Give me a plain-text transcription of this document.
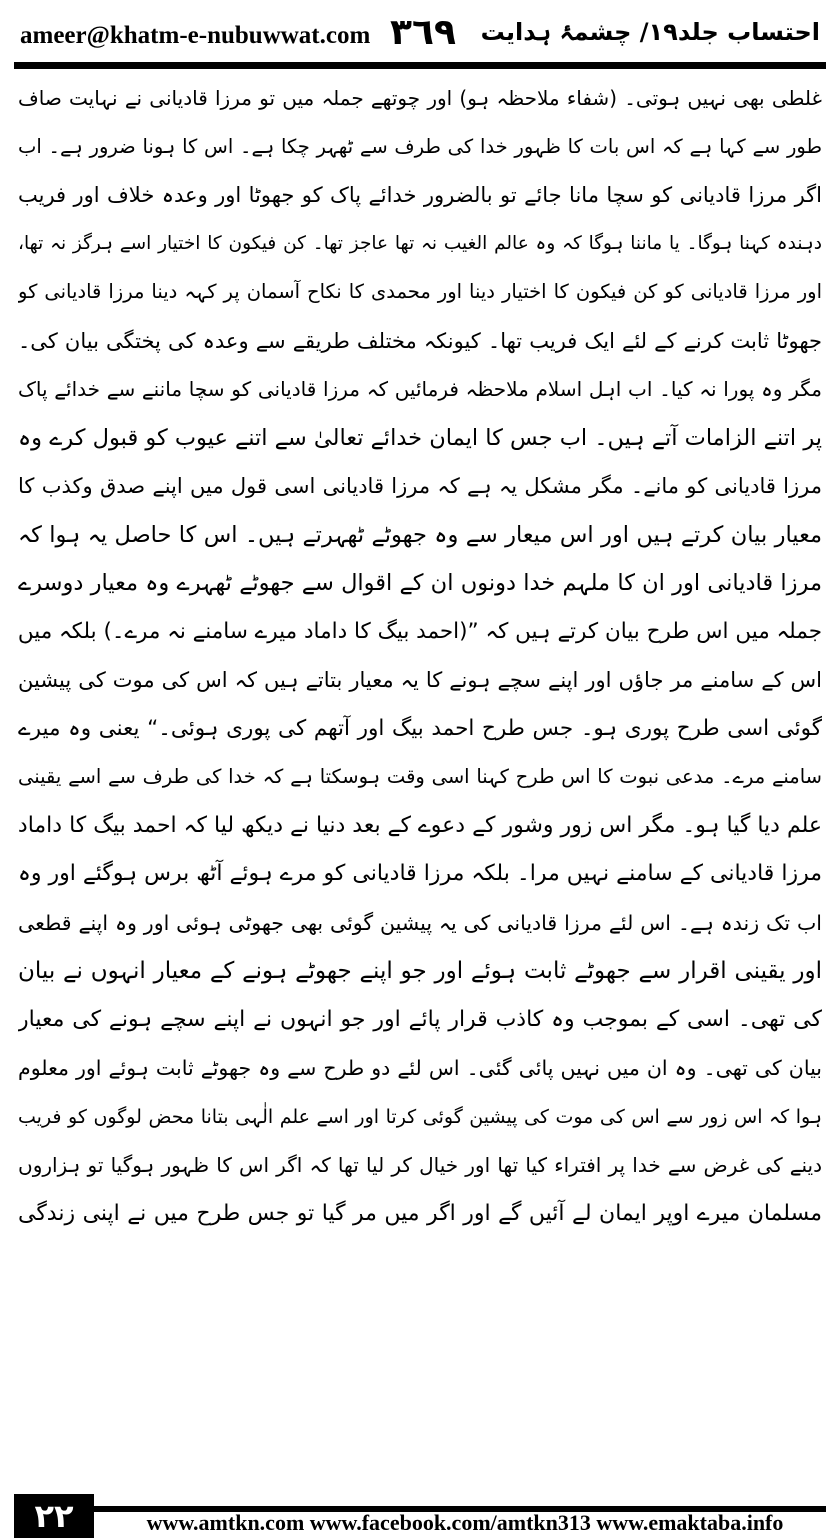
ameer@khatm-e-nubuwwat.com ٣٦٩ احتساب جلد۱۹/ چشمۂ ہدایت
غلطی بھی نہیں ہوتی۔ (شفاء ملاحظہ ہو) اور چوتھے جملہ میں تو مرزا قادیانی نے نہایت صاف
طور سے کہا ہے کہ اس بات کا ظہور خدا کی طرف سے ٹھہر چکا ہے۔ اس کا ہونا ضرور ہے۔ اب
اگر مرزا قادیانی کو سچا مانا جائے تو بالضرور خدائے پاک کو جھوٹا اور وعدہ خلاف اور فریب
دہندہ کہنا ہوگا۔ یا ماننا ہوگا کہ وہ عالم الغیب نہ تھا عاجز تھا۔ کن فیکون کا اختیار اسے ہرگز نہ تھا،
اور مرزا قادیانی کو کن فیکون کا اختیار دینا اور محمدی کا نکاح آسمان پر کہہ دینا مرزا قادیانی کو
جھوٹا ثابت کرنے کے لئے ایک فریب تھا۔ کیونکہ مختلف طریقے سے وعدہ کی پختگی بیان کی۔
مگر وہ پورا نہ کیا۔ اب اہل اسلام ملاحظہ فرمائیں کہ مرزا قادیانی کو سچا ماننے سے خدائے پاک
پر اتنے الزامات آتے ہیں۔ اب جس کا ایمان خدائے تعالیٰ سے اتنے عیوب کو قبول کرے وہ
مرزا قادیانی کو مانے۔ مگر مشکل یہ ہے کہ مرزا قادیانی اسی قول میں اپنے صدق وکذب کا
معیار بیان کرتے ہیں اور اس میعار سے وہ جھوٹے ٹھہرتے ہیں۔ اس کا حاصل یہ ہوا کہ
مرزا قادیانی اور ان کا ملہم خدا دونوں ان کے اقوال سے جھوٹے ٹھہرے وہ معیار دوسرے
جملہ میں اس طرح بیان کرتے ہیں کہ ”(احمد بیگ کا داماد میرے سامنے نہ مرے۔) بلکہ میں
اس کے سامنے مر جاؤں اور اپنے سچے ہونے کا یہ معیار بتاتے ہیں کہ اس کی موت کی پیشین
گوئی اسی طرح پوری ہو۔ جس طرح احمد بیگ اور آتھم کی پوری ہوئی۔“ یعنی وہ میرے
سامنے مرے۔ مدعی نبوت کا اس طرح کہنا اسی وقت ہوسکتا ہے کہ خدا کی طرف سے اسے یقینی
علم دیا گیا ہو۔ مگر اس زور وشور کے دعوے کے بعد دنیا نے دیکھ لیا کہ احمد بیگ کا داماد
مرزا قادیانی کے سامنے نہیں مرا۔ بلکہ مرزا قادیانی کو مرے ہوئے آٹھ برس ہوگئے اور وہ
اب تک زندہ ہے۔ اس لئے مرزا قادیانی کی یہ پیشین گوئی بھی جھوٹی ہوئی اور وہ اپنے قطعی
اور یقینی اقرار سے جھوٹے ثابت ہوئے اور جو اپنے جھوٹے ہونے کے معیار انہوں نے بیان
کی تھی۔ اسی کے بموجب وہ کاذب قرار پائے اور جو انہوں نے اپنے سچے ہونے کی معیار
بیان کی تھی۔ وہ ان میں نہیں پائی گئی۔ اس لئے دو طرح سے وہ جھوٹے ثابت ہوئے اور معلوم
ہوا کہ اس زور سے اس کی موت کی پیشین گوئی کرتا اور اسے علم الٰہی بتانا محض لوگوں کو فریب
دینے کی غرض سے خدا پر افتراء کیا تھا اور خیال کر لیا تھا کہ اگر اس کا ظہور ہوگیا تو ہزاروں
مسلمان میرے اوپر ایمان لے آئیں گے اور اگر میں مر گیا تو جس طرح میں نے اپنی زندگی
۲۲	www.amtkn.com www.facebook.com/amtkn313 www.emaktaba.info
